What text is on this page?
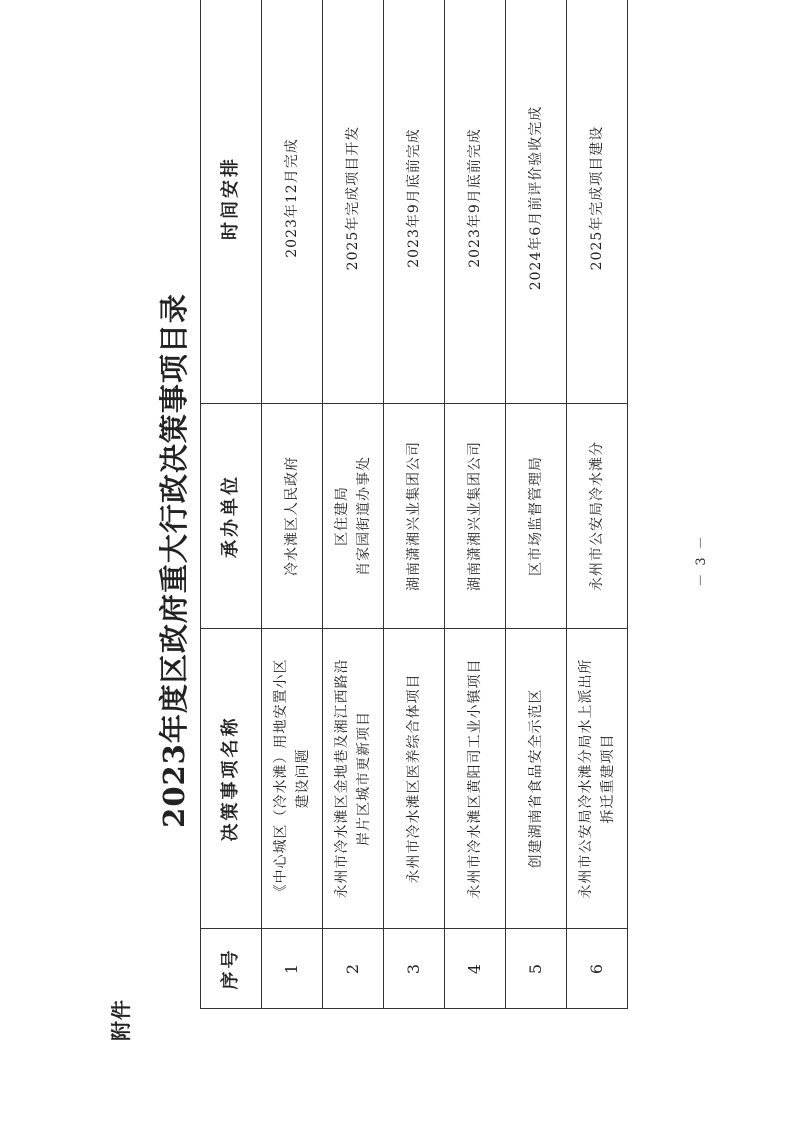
附件
2023年度区政府重大行政决策事项目录
序号	决策事项名称	承办单位	时间安排
1	《中心城区（冷水滩）用地安置小区 建设问题	冷水滩区人民政府	2023年12月完成
2	永州市冷水滩区金地巷及湘江西路沿 岸片区城市更新项目	区住建局 肖家园街道办事处	2025年完成项目开发
3	永州市冷水滩区医养综合体项目	湖南潇湘兴业集团公司	2023年9月底前完成
4	永州市冷水滩区黄阳司工业小镇项目	湖南潇湘兴业集团公司	2023年9月底前完成
5	创建湖南省食品安全示范区	区市场监督管理局	2024年6月前评价验收完成
6	永州市公安局冷水滩分局水上派出所 拆迁重建项目	永州市公安局冷水滩分	2025年完成项目建设
－ 3 －
